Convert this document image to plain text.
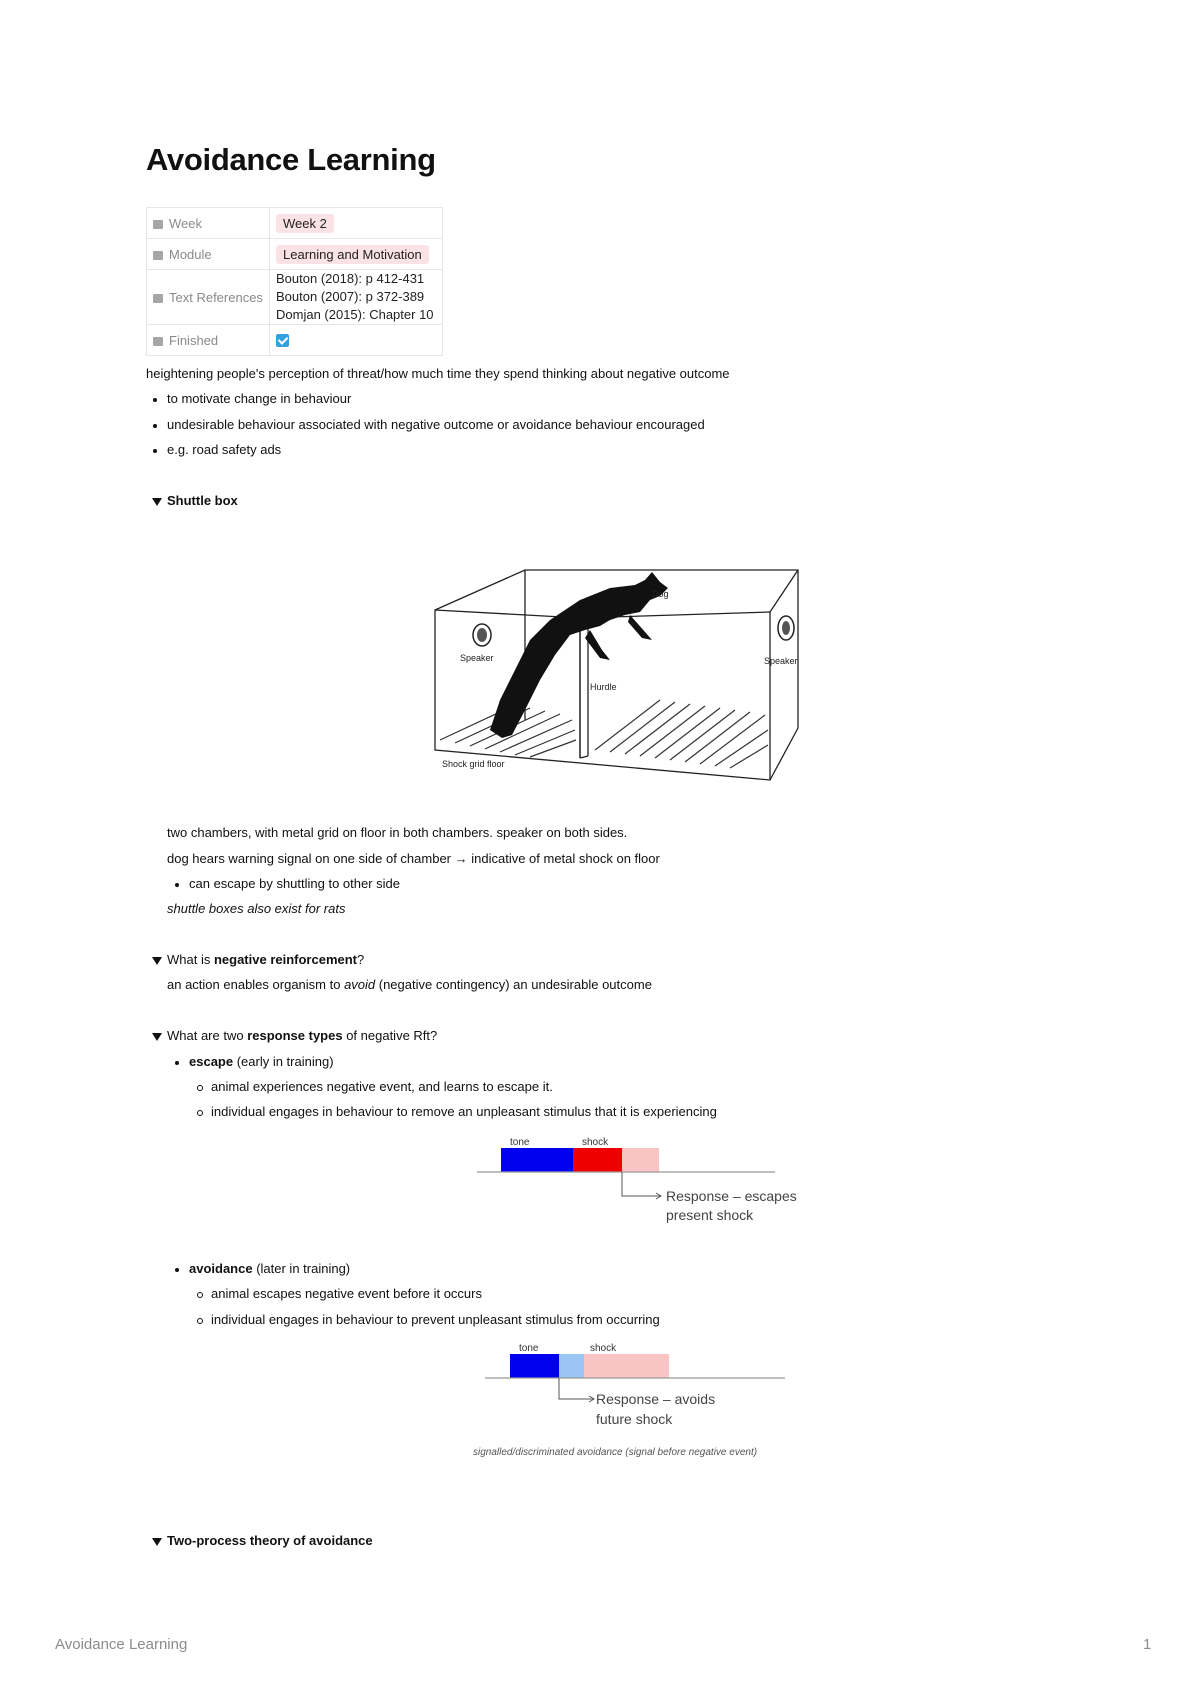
Avoidance Learning
Week	Week 2
Module	Learning and Motivation
Text References	Bouton (2018): p 412-431
Bouton (2007): p 372-389
Domjan (2015): Chapter 10

Finished	
heightening people's perception of threat/how much time they spend thinking about negative outcome
to motivate change in behaviour
undesirable behaviour associated with negative outcome or avoidance behaviour encouraged
e.g. road safety ads
Shuttle box
Dog
Speaker	Speaker
Hurdle
Shock grid floor
two chambers, with metal grid on floor in both chambers. speaker on both sides.
dog hears warning signal on one side of chamber → indicative of metal shock on floor
can escape by shuttling to other side
shuttle boxes also exist for rats
What is negative reinforcement?
an action enables organism to avoid (negative contingency) an undesirable outcome
What are two response types of negative Rft?
escape (early in training)
animal experiences negative event, and learns to escape it.
individual engages in behaviour to remove an unpleasant stimulus that it is experiencing
tone	shock
Response – escapes
present shock
avoidance (later in training)
animal escapes negative event before it occurs
individual engages in behaviour to prevent unpleasant stimulus from occurring
tone	shock
Response – avoids
future shock
signalled/discriminated avoidance (signal before negative event)
Two-process theory of avoidance
Avoidance Learning	1
